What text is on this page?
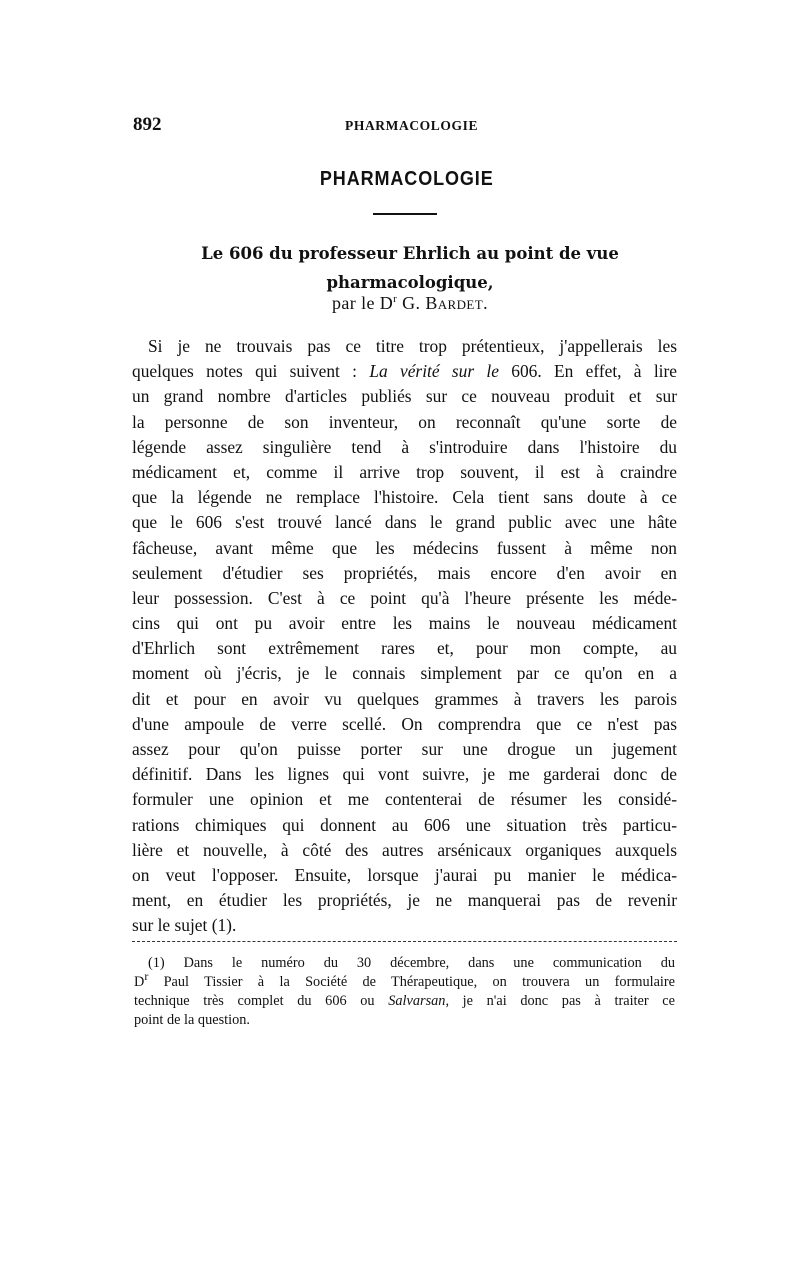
892	PHARMACOLOGIE
PHARMACOLOGIE
Le 606 du professeur Ehrlich au point de vue
pharmacologique,
par le $D^r$ G. Bardet.
Si je ne trouvais pas ce titre trop prétentieux, j'appellerais les
quelques notes qui suivent : La vérité sur le 606. En effet, à lire
un grand nombre d'articles publiés sur ce nouveau produit et sur
la personne de son inventeur, on reconnaît qu'une sorte de
légende assez singulière tend à s'introduire dans l'histoire du
médicament et, comme il arrive trop souvent, il est à craindre
que la légende ne remplace l'histoire. Cela tient sans doute à ce
que le 606 s'est trouvé lancé dans le grand public avec une hâte
fâcheuse, avant même que les médecins fussent à même non
seulement d'étudier ses propriétés, mais encore d'en avoir en
leur possession. C'est à ce point qu'à l'heure présente les méde-
cins qui ont pu avoir entre les mains le nouveau médicament
d'Ehrlich sont extrêmement rares et, pour mon compte, au
moment où j'écris, je le connais simplement par ce qu'on en a
dit et pour en avoir vu quelques grammes à travers les parois
d'une ampoule de verre scellé. On comprendra que ce n'est pas
assez pour qu'on puisse porter sur une drogue un jugement
définitif. Dans les lignes qui vont suivre, je me garderai donc de
formuler une opinion et me contenterai de résumer les considé-
rations chimiques qui donnent au 606 une situation très particu-
lière et nouvelle, à côté des autres arsénicaux organiques auxquels
on veut l'opposer. Ensuite, lorsque j'aurai pu manier le médica-
ment, en étudier les propriétés, je ne manquerai pas de revenir
sur le sujet (1).
(1) Dans le numéro du 30 décembre, dans une communication du
$D^r$ Paul Tissier à la Société de Thérapeutique, on trouvera un formulaire
technique très complet du 606 ou Salvarsan, je n'ai donc pas à traiter ce
point de la question.
